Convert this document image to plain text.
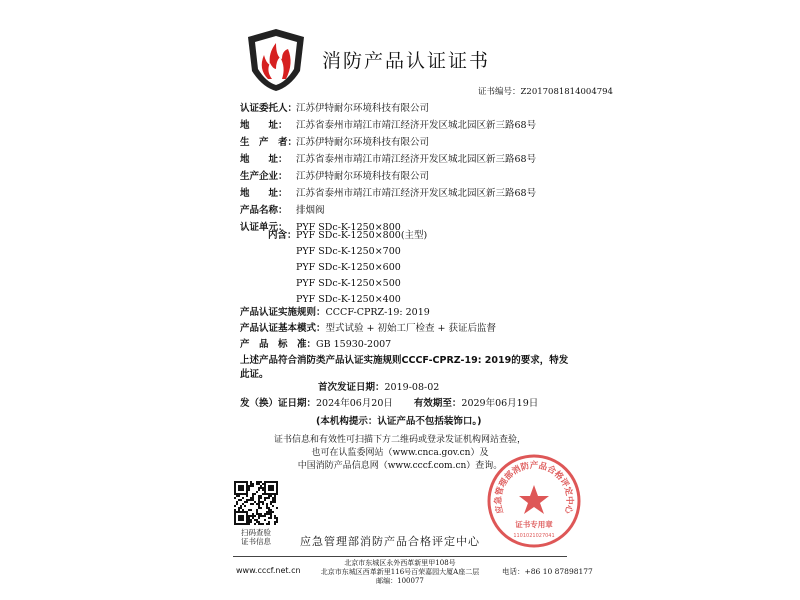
消防产品认证证书
证书编号：Z2017081814004794
认证委托人：
江苏伊特耐尔环境科技有限公司
地　　址： 江苏省泰州市靖江市靖江经济开发区城北园区新三路68号
生　产　者：
江苏伊特耐尔环境科技有限公司
地　　址： 江苏省泰州市靖江市靖江经济开发区城北园区新三路68号
生产企业： 江苏伊特耐尔环境科技有限公司
地　　址： 江苏省泰州市靖江市靖江经济开发区城北园区新三路68号
产品名称： 排烟阀
认证单元： PYF SDc-K-1250×800
内含： PYF SDc-K-1250×800(主型)
PYF SDc-K-1250×700
PYF SDc-K-1250×600
PYF SDc-K-1250×500
PYF SDc-K-1250×400
产品认证实施规则：CCCF-CPRZ-19: 2019
产品认证基本模式：型式试验 + 初始工厂检查 + 获证后监督
产　品　标　准：GB 15930-2007
上述产品符合消防类产品认证实施规则CCCF-CPRZ-19: 2019的要求，特发
此证。
首次发证日期：2019-08-02
发（换）证日期：2024年06月20日 有效期至：2029年06月19日
(本机构提示：认证产品不包括装饰口。)
证书信息和有效性可扫描下方二维码或登录发证机构网站查验，
也可在认监委网站（www.cnca.gov.cn）及
中国消防产品信息网（www.cccf.com.cn）查询。
扫码查验
证书信息	应急管理部消防产品合格评定中心
应急管理部消防产品合格评定中心
证书专用章
1101021027041
www.cccf.net.cn
北京市东城区永外西革新里甲108号
北京市东城区西革新里116号百荣嘉园大厦A座二层
邮编：100077
电话：+86 10 87898177
